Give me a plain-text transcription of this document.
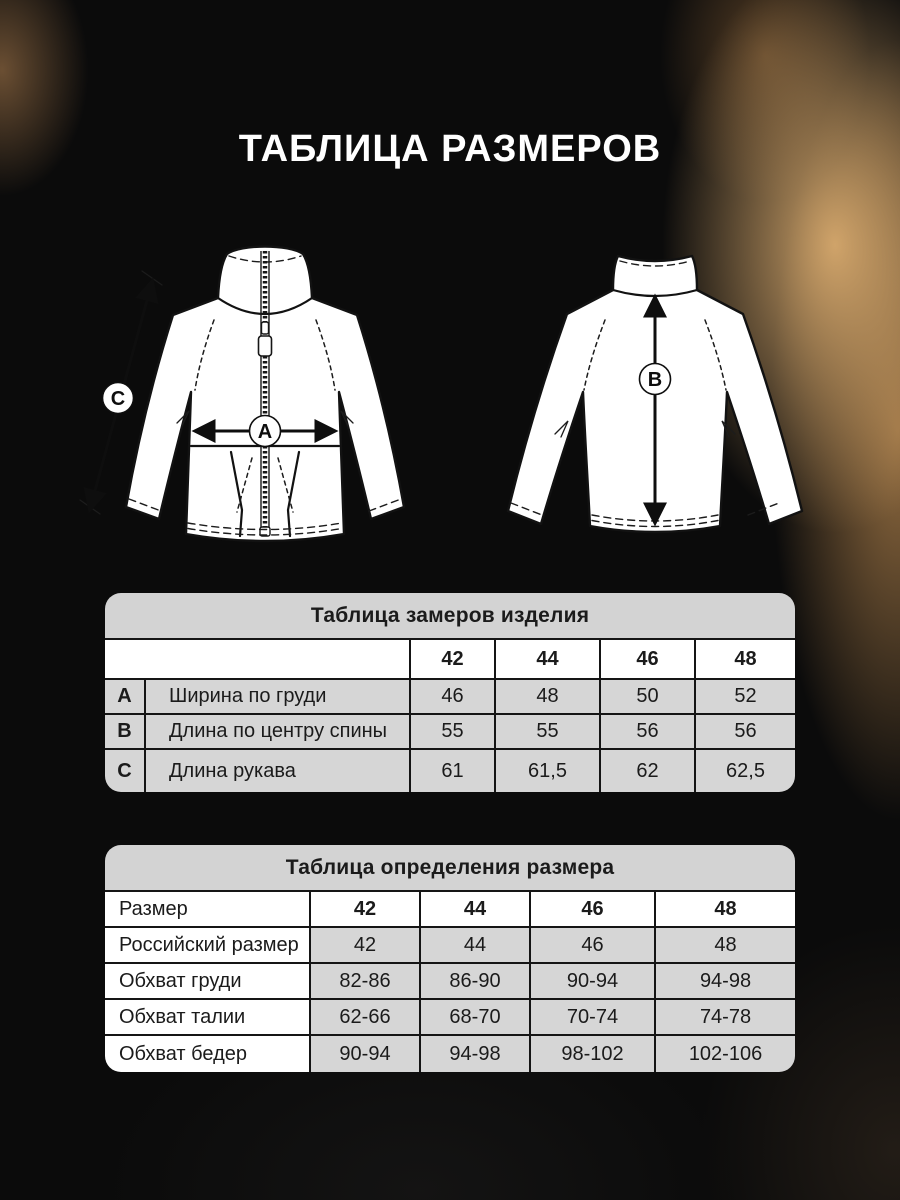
ТАБЛИЦА РАЗМЕРОВ
A
C
B
Таблица замеров изделия						
			42	44	46	48
A		Ширина по груди	46	48	50	52
B		Длина по центру спины	55	55	56	56
C		Длина рукава	61	61,5	62	62,5
Таблица определения размера				
Размер	42	44	46	48
Российский размер	42	44	46	48
Обхват груди	82-86	86-90	90-94	94-98
Обхват талии	62-66	68-70	70-74	74-78
Обхват бедер	90-94	94-98	98-102	102-106
